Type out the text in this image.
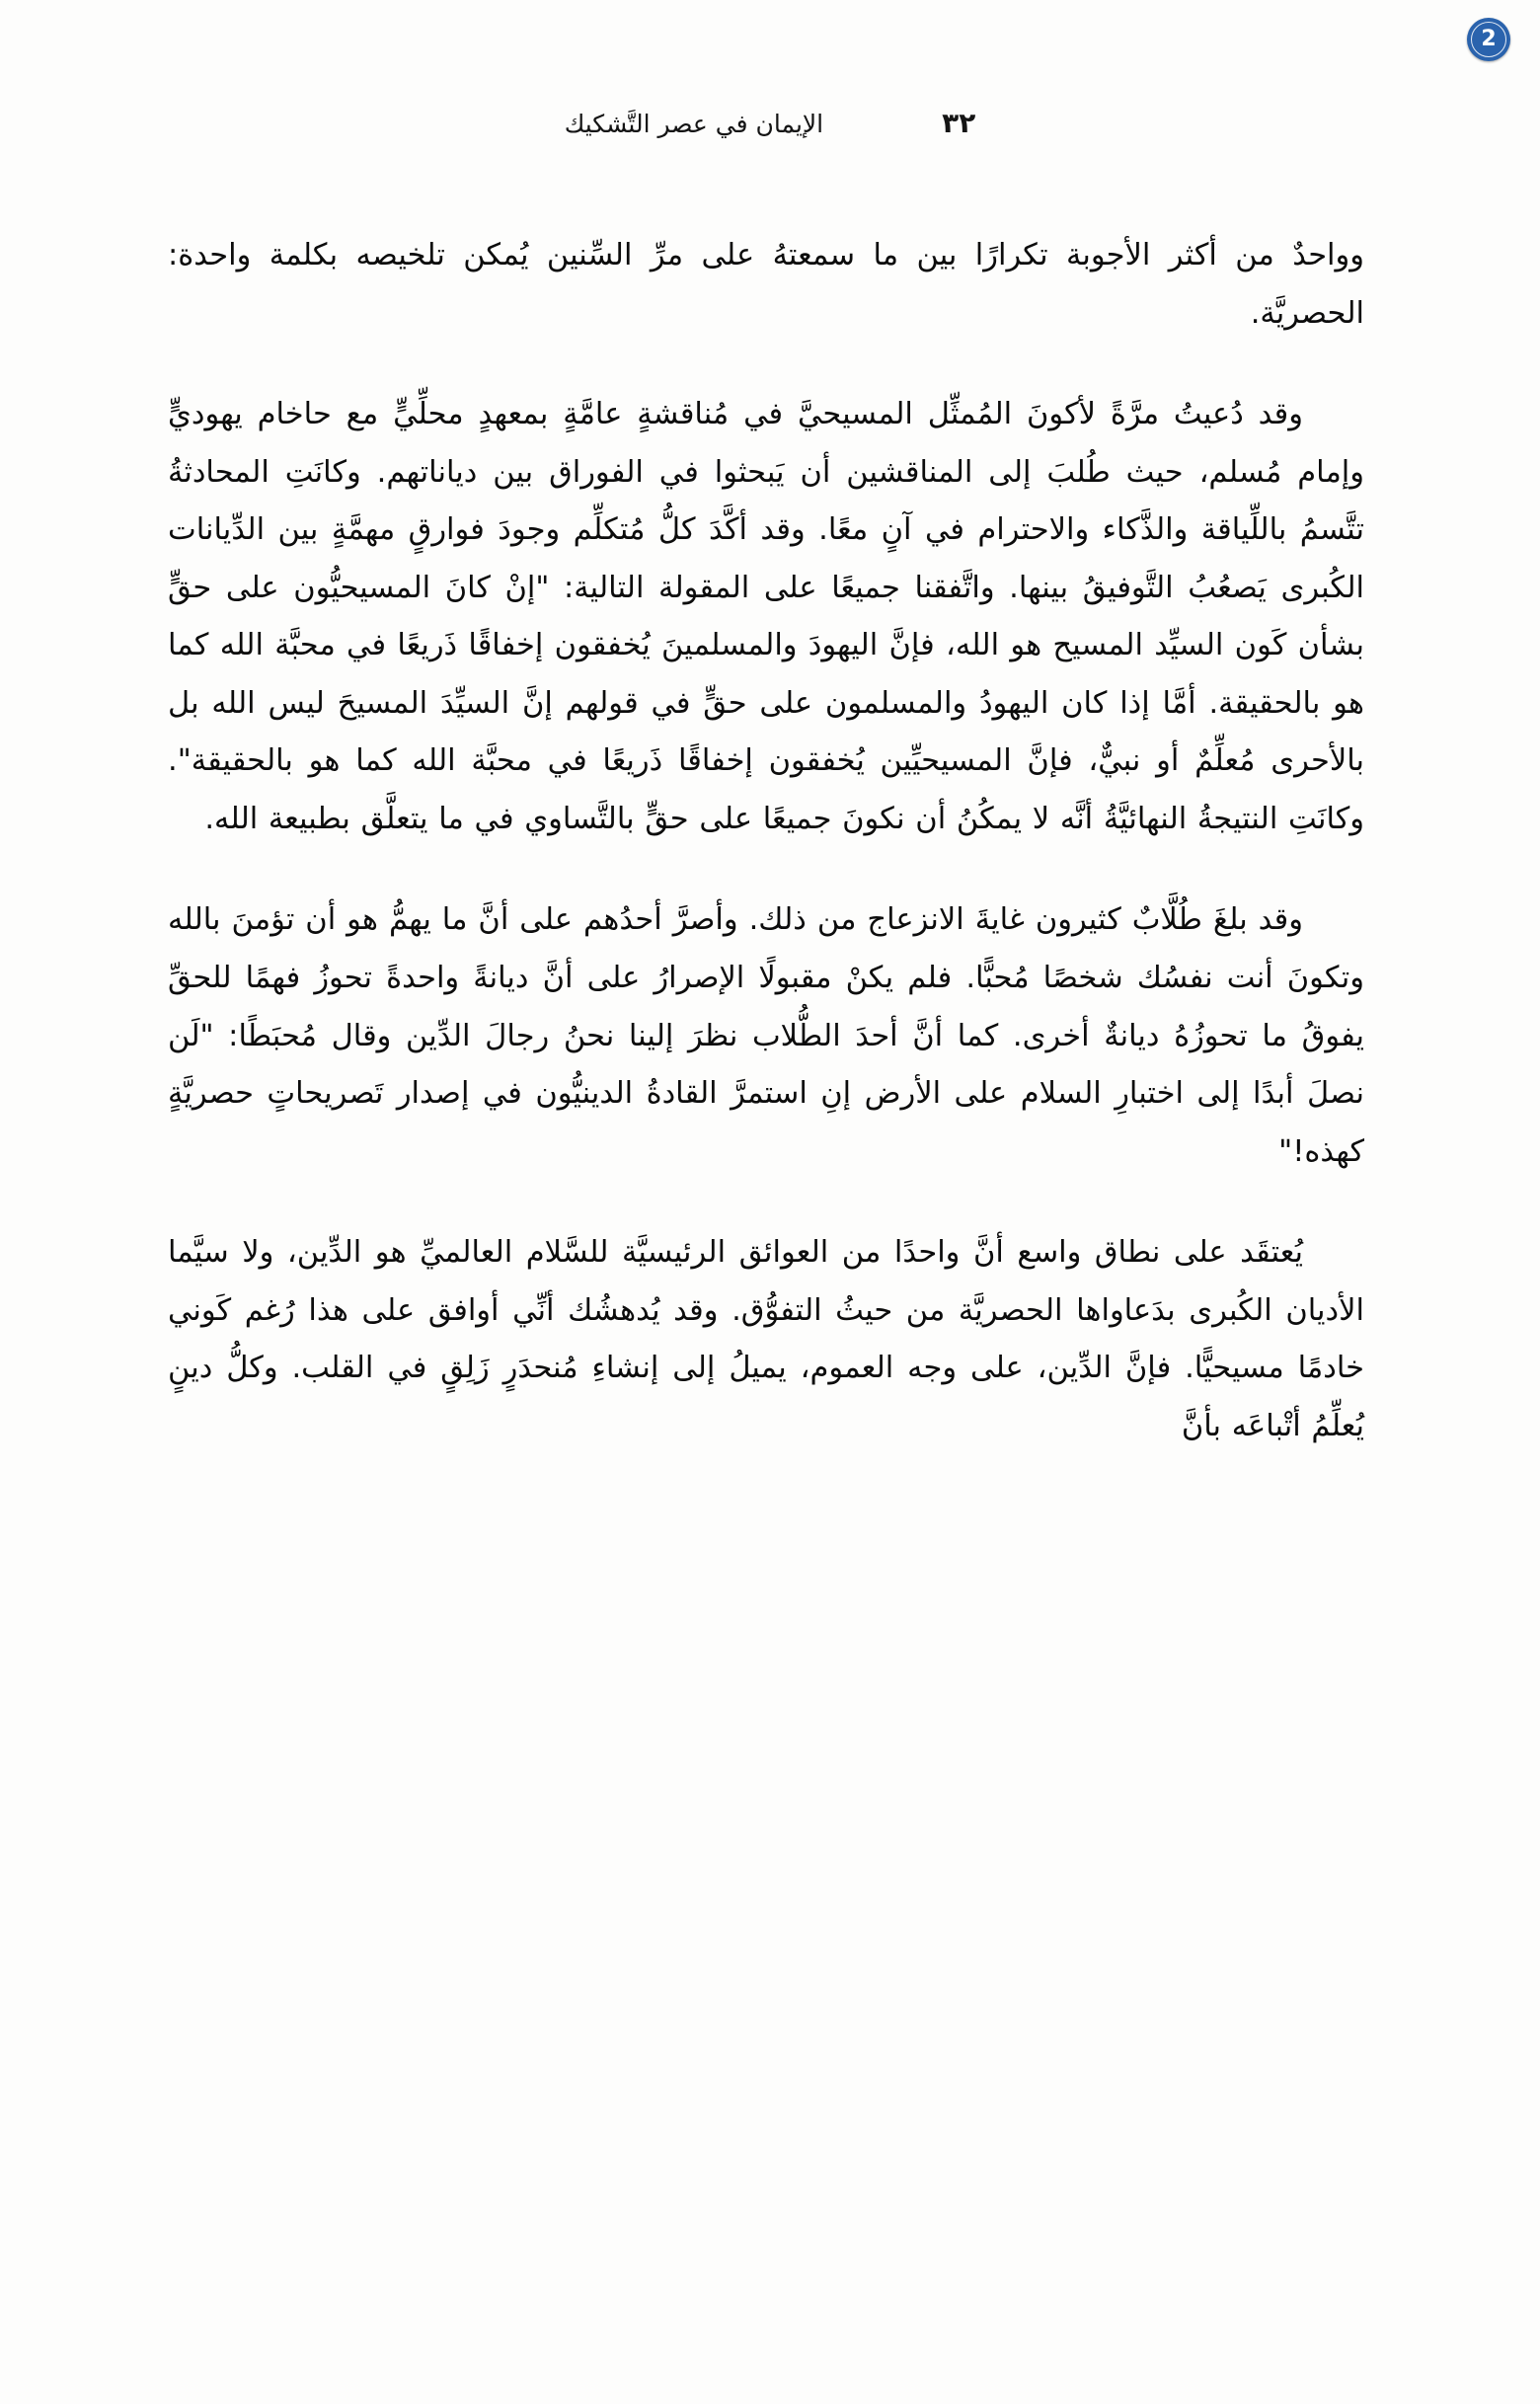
2
٣٢
الإيمان في عصر التَّشكيك

وواحدٌ من أكثر الأجوبة تكرارًا بين ما سمعتهُ على مرِّ السِّنين يُمكن تلخيصه بكلمة واحدة: الحصريَّة.

وقد دُعيتُ مرَّةً لأكونَ المُمثِّل المسيحيَّ في مُناقشةٍ عامَّةٍ بمعهدٍ محلِّيٍّ مع حاخام يهوديٍّ وإمام مُسلم، حيث طُلبَ إلى المناقشين أن يَبحثوا في الفوراق بين دياناتهم. وكانَتِ المحادثةُ تتَّسمُ باللِّياقة والذَّكاء والاحترام في آنٍ معًا. وقد أكَّدَ كلُّ مُتكلِّم وجودَ فوارقٍ مهمَّةٍ بين الدِّيانات الكُبرى يَصعُبُ التَّوفيقُ بينها. واتَّفقنا جميعًا على المقولة التالية: "إنْ كانَ المسيحيُّون على حقٍّ بشأن كَون السيِّد المسيح هو الله، فإنَّ اليهودَ والمسلمينَ يُخفقون إخفاقًا ذَريعًا في محبَّة الله كما هو بالحقيقة. أمَّا إذا كان اليهودُ والمسلمون على حقٍّ في قولهم إنَّ السيِّدَ المسيحَ ليس الله بل بالأحرى مُعلِّمٌ أو نبيٌّ، فإنَّ المسيحيِّين يُخفقون إخفاقًا ذَريعًا في محبَّة الله كما هو بالحقيقة". وكانَتِ النتيجةُ النهائيَّةُ أنَّه لا يمكُنُ أن نكونَ جميعًا على حقٍّ بالتَّساوي في ما يتعلَّق بطبيعة الله.

وقد بلغَ طُلَّابٌ كثيرون غايةَ الانزعاج من ذلك. وأصرَّ أحدُهم على أنَّ ما يهمُّ هو أن تؤمنَ بالله وتكونَ أنت نفسُك شخصًا مُحبًّا. فلم يكنْ مقبولًا الإصرارُ على أنَّ ديانةً واحدةً تحوزُ فهمًا للحقِّ يفوقُ ما تحوزُهُ ديانةٌ أخرى. كما أنَّ أحدَ الطُّلاب نظرَ إلينا نحنُ رجالَ الدِّين وقال مُحبَطًا: "لَن نصلَ أبدًا إلى اختبارِ السلام على الأرض إنِ استمرَّ القادةُ الدينيُّون في إصدار تَصريحاتٍ حصريَّةٍ كهذه!"

يُعتقَد على نطاق واسع أنَّ واحدًا من العوائق الرئيسيَّة للسَّلام العالميِّ هو الدِّين، ولا سيَّما الأديان الكُبرى بدَعاواها الحصريَّة من حيثُ التفوُّق. وقد يُدهشُك أنِّي أوافق على هذا رُغم كَوني خادمًا مسيحيًّا. فإنَّ الدِّين، على وجه العموم، يميلُ إلى إنشاءِ مُنحدَرٍ زَلِقٍ في القلب. وكلُّ دينٍ يُعلِّمُ أتْباعَه بأنَّ
